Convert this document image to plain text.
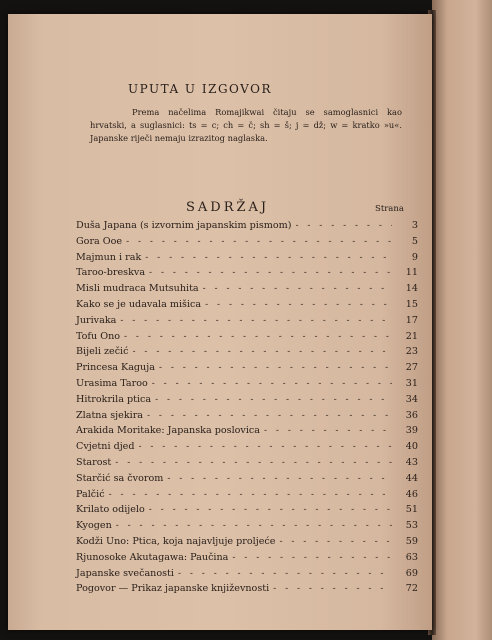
UPUTA U IZGOVOR
Prema načelima Romajikwai čitaju se samoglasnici kao hrvatski, a suglasnici: ts = c; ch = č; sh = š; j = dž; w = kratko »u«. Japanske riječi nemaju izrazitog naglaska.
SADRŽAJ	Strana
Duša Japana (s izvornim japanskim pismom) - - -	3
Gora Ooe - - -	5
Majmun i rak - - -	9
Taroo-breskva - - -	11
Misli mudraca Mutsuhita - - -	14
Kako se je udavala mišica - - -	15
Jurivaka - - -	17
Tofu Ono - - -	21
Bijeli zečić - - -	23
Princesa Kaguja - - -	27
Urasima Taroo - - -	31
Hitrokrila ptica - - -	34
Zlatna sjekira - - -	36
Arakida Moritake: Japanska poslovica - - -	39
Cvjetni djed - - -	40
Starost - - -	43
Starčić sa čvorom - - -	44
Palčić - - -	46
Krilato odijelo - - -	51
Kyogen - - -	53
Kodži Uno: Ptica, koja najavljuje proljeće - - -	59
Rjunosoke Akutagawa: Paučina - - -	63
Japanske svečanosti - - -	69
Pogovor — Prikaz japanske književnosti - - -	72
